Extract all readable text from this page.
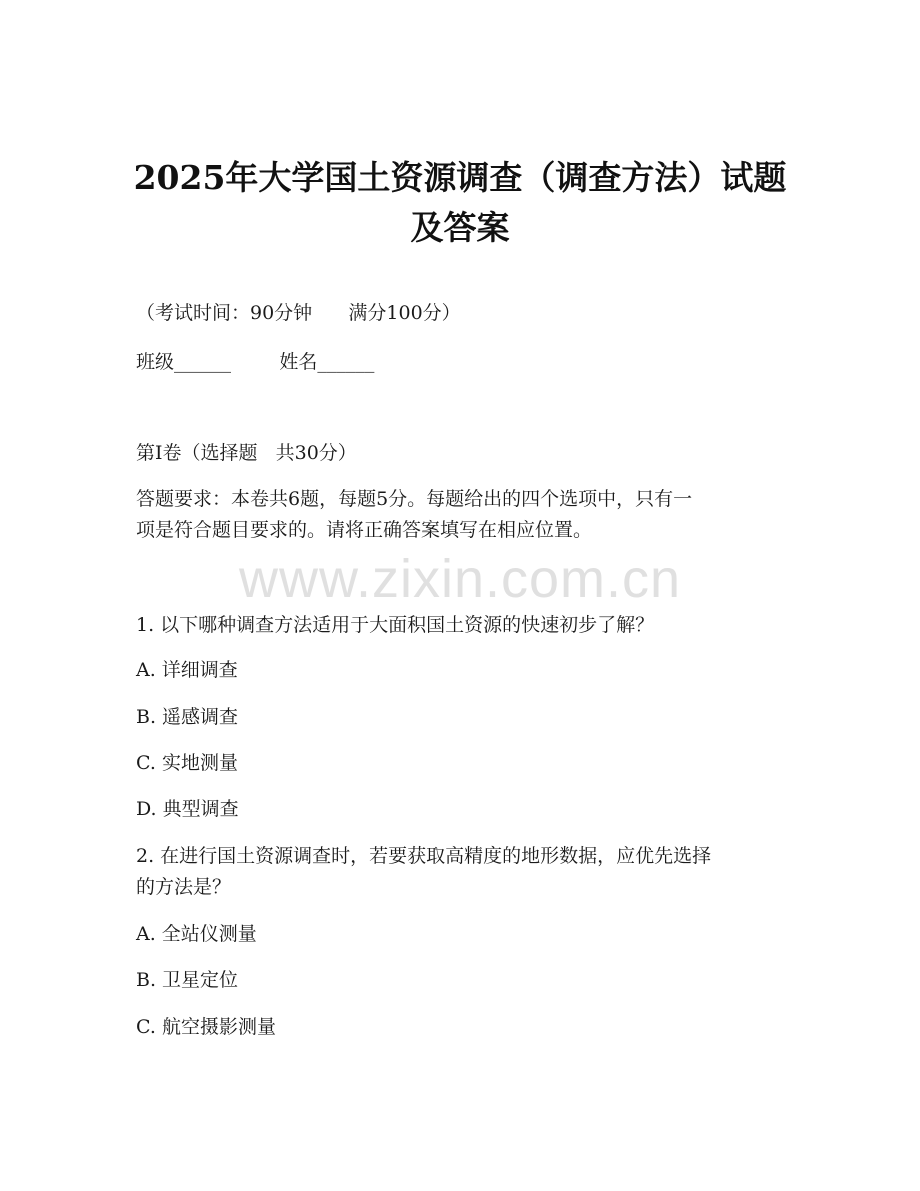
2025年大学国土资源调查（调查方法）试题
及答案
（考试时间：90分钟      满分100分）
班级______        姓名______
第I卷（选择题   共30分）
答题要求：本卷共6题，每题5分。每题给出的四个选项中，只有一
项是符合题目要求的。请将正确答案填写在相应位置。
www.zixin.com.cn
1. 以下哪种调查方法适用于大面积国土资源的快速初步了解？
A. 详细调查
B. 遥感调查
C. 实地测量
D. 典型调查
2. 在进行国土资源调查时，若要获取高精度的地形数据，应优先选择
的方法是？
A. 全站仪测量
B. 卫星定位
C. 航空摄影测量
